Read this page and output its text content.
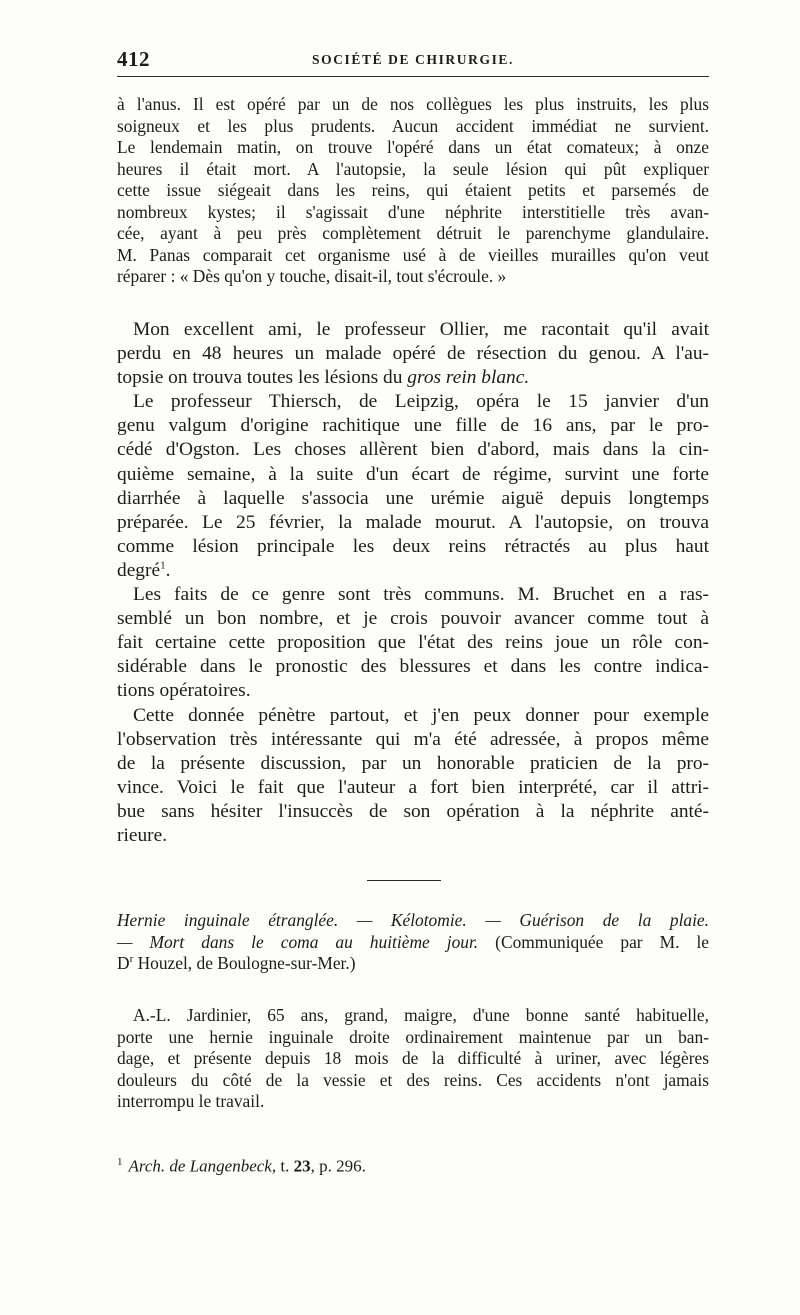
412	SOCIÉTÉ DE CHIRURGIE.

à l'anus. Il est opéré par un de nos collègues les plus instruits, les plus

soigneux et les plus prudents. Aucun accident immédiat ne survient.

Le lendemain matin, on trouve l'opéré dans un état comateux; à onze

heures il était mort. A l'autopsie, la seule lésion qui pût expliquer

cette issue siégeait dans les reins, qui étaient petits et parsemés de

nombreux kystes; il s'agissait d'une néphrite interstitielle très avan-

cée, ayant à peu près complètement détruit le parenchyme glandulaire.

M. Panas comparait cet organisme usé à de vieilles murailles qu'on veut

réparer : « Dès qu'on y touche, disait-il, tout s'écroule. »

Mon excellent ami, le professeur Ollier, me racontait qu'il avait

perdu en 48 heures un malade opéré de résection du genou. A l'au-

topsie on trouva toutes les lésions du gros rein blanc.

Le professeur Thiersch, de Leipzig, opéra le 15 janvier d'un

genu valgum d'origine rachitique une fille de 16 ans, par le pro-

cédé d'Ogston. Les choses allèrent bien d'abord, mais dans la cin-

quième semaine, à la suite d'un écart de régime, survint une forte

diarrhée à laquelle s'associa une urémie aiguë depuis longtemps

préparée. Le 25 février, la malade mourut. A l'autopsie, on trouva

comme lésion principale les deux reins rétractés au plus haut

degré$^1$.

Les faits de ce genre sont très communs. M. Bruchet en a ras-

semblé un bon nombre, et je crois pouvoir avancer comme tout à

fait certaine cette proposition que l'état des reins joue un rôle con-

sidérable dans le pronostic des blessures et dans les contre indica-

tions opératoires.

Cette donnée pénètre partout, et j'en peux donner pour exemple

l'observation très intéressante qui m'a été adressée, à propos même

de la présente discussion, par un honorable praticien de la pro-

vince. Voici le fait que l'auteur a fort bien interprété, car il attri-

bue sans hésiter l'insuccès de son opération à la néphrite anté-

rieure.

Hernie inguinale étranglée. — Kélotomie. — Guérison de la plaie.

— Mort dans le coma au huitième jour. (Communiquée par M. le

$D^r$ Houzel, de Boulogne-sur-Mer.)

A.-L. Jardinier, 65 ans, grand, maigre, d'une bonne santé habituelle,

porte une hernie inguinale droite ordinairement maintenue par un ban-

dage, et présente depuis 18 mois de la difficulté à uriner, avec légères

douleurs du côté de la vessie et des reins. Ces accidents n'ont jamais

interrompu le travail.

$^1$ Arch. de Langenbeck, t. 23, p. 296.
